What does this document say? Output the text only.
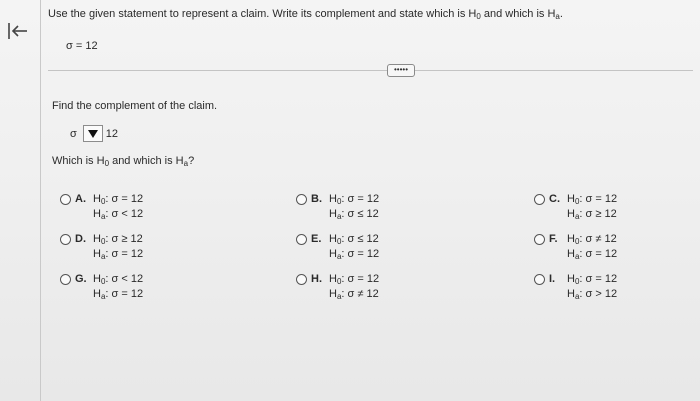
Use the given statement to represent a claim. Write its complement and state which is $H_0$ and which is $H_a$.
σ = 12
•••••
Find the complement of the claim.
σ	12
Which is $H_0$ and which is $H_a$?
A. $H_0$: σ = 12
$H_a$: σ < 12
B. $H_0$: σ = 12
$H_a$: σ ≤ 12
C. $H_0$: σ = 12
$H_a$: σ ≥ 12
D. $H_0$: σ ≥ 12
$H_a$: σ = 12
E. $H_0$: σ ≤ 12
$H_a$: σ = 12
F. $H_0$: σ ≠ 12
$H_a$: σ = 12
G. $H_0$: σ < 12
$H_a$: σ = 12
H. $H_0$: σ = 12
$H_a$: σ ≠ 12
I. $H_0$: σ = 12
$H_a$: σ > 12
